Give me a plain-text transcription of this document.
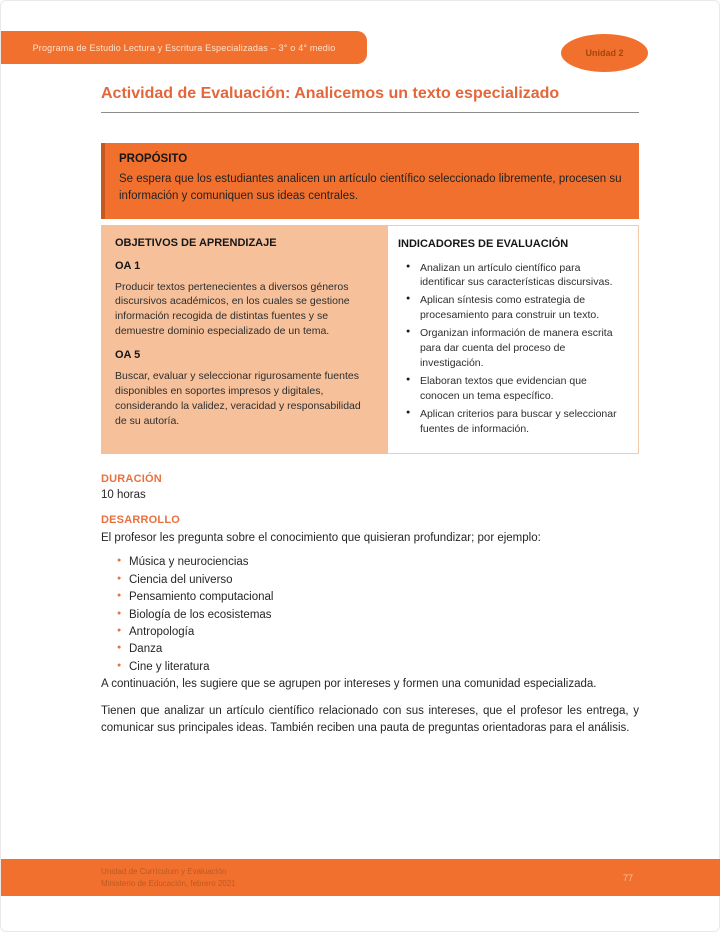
Programa de Estudio Lectura y Escritura Especializadas – 3° o 4° medio
Unidad 2
Actividad de Evaluación: Analicemos un texto especializado
PROPÓSITO
Se espera que los estudiantes analicen un artículo científico seleccionado libremente, procesen su información y comuniquen sus ideas centrales.
OBJETIVOS DE APRENDIZAJE
OA 1
Producir textos pertenecientes a diversos géneros discursivos académicos, en los cuales se gestione información recogida de distintas fuentes y se demuestre dominio especializado de un tema.
OA 5
Buscar, evaluar y seleccionar rigurosamente fuentes disponibles en soportes impresos y digitales, considerando la validez, veracidad y responsabilidad de su autoría.
INDICADORES DE EVALUACIÓN
● Analizan un artículo científico para identificar sus características discursivas.
● Aplican síntesis como estrategia de procesamiento para construir un texto.
● Organizan información de manera escrita para dar cuenta del proceso de investigación.
● Elaboran textos que evidencian que conocen un tema específico.
● Aplican criterios para buscar y seleccionar fuentes de información.
DURACIÓN
10 horas
DESARROLLO

El profesor les pregunta sobre el conocimiento que quisieran profundizar; por ejemplo:

● Música y neurociencias
● Ciencia del universo
● Pensamiento computacional
● Biología de los ecosistemas
● Antropología
● Danza
● Cine y literatura

A continuación, les sugiere que se agrupen por intereses y formen una comunidad especializada.

Tienen que analizar un artículo científico relacionado con sus intereses, que el profesor les entrega, y comunicar sus principales ideas. También reciben una pauta de preguntas orientadoras para el análisis.

Unidad de Currículum y Evaluación
Ministerio de Educación, febrero 2021
77
